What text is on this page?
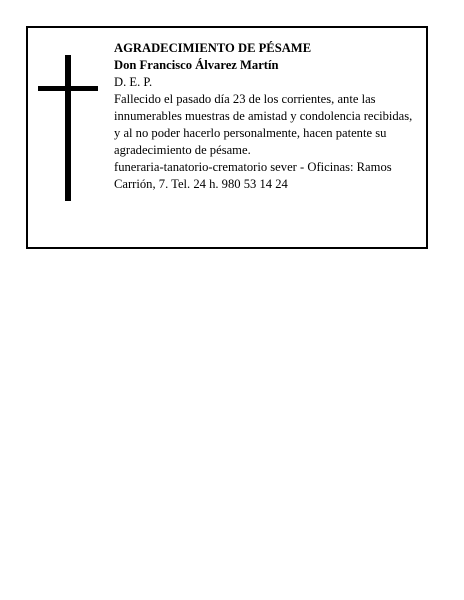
AGRADECIMIENTO DE PÉSAME

Don Francisco Álvarez Martín

D. E. P.

Fallecido el pasado día 23 de los corrientes, ante las innumerables muestras de amistad y condolencia recibidas, y al no poder hacerlo personalmente, hacen patente su agradecimiento de pésame.

funeraria-tanatorio-crematorio sever - Oficinas: Ramos Carrión, 7. Tel. 24 h. 980 53 14 24
